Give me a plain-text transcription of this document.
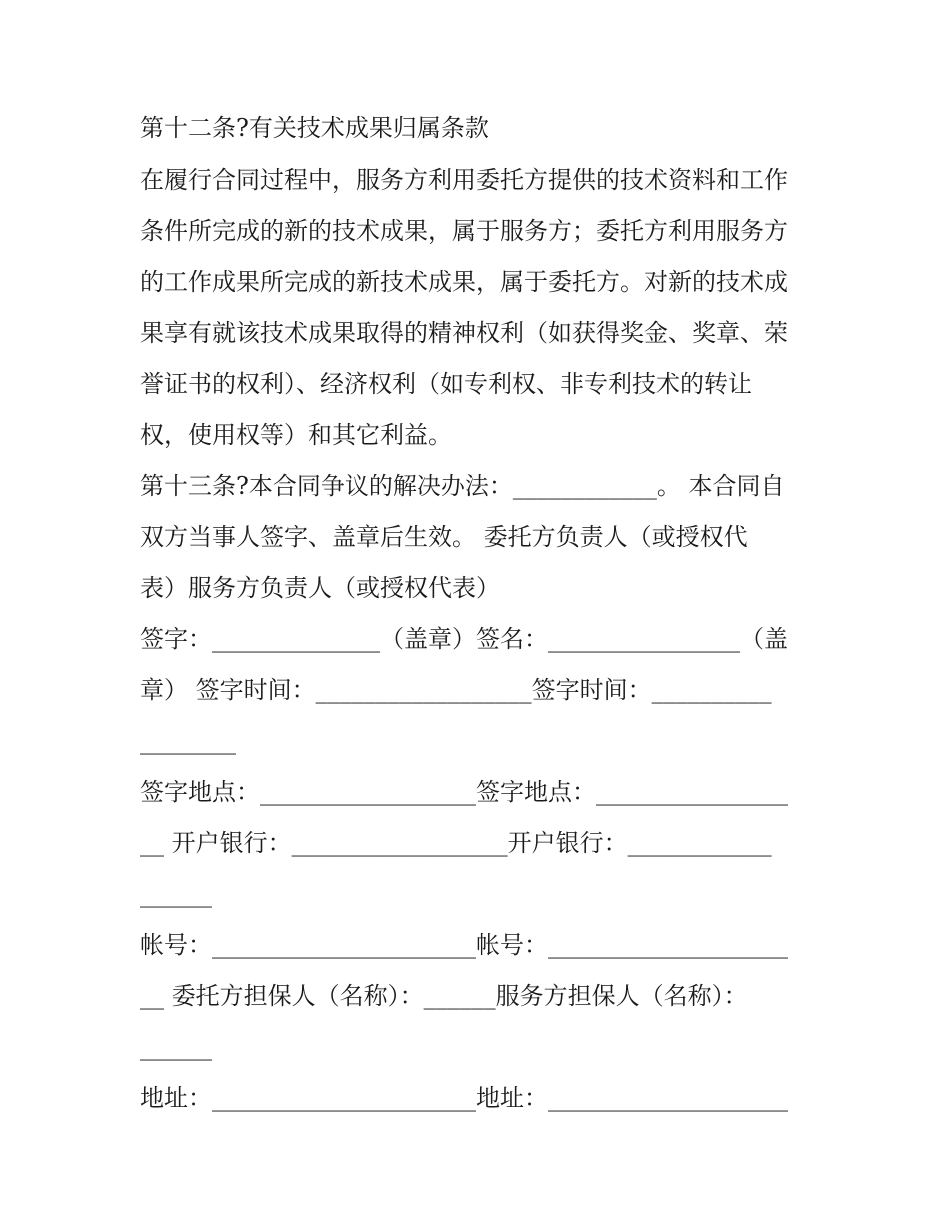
第十二条?有关技术成果归属条款
在履行合同过程中，服务方利用委托方提供的技术资料和工作
条件所完成的新的技术成果，属于服务方；委托方利用服务方
的工作成果所完成的新技术成果，属于委托方。对新的技术成
果享有就该技术成果取得的精神权利（如获得奖金、奖章、荣
誉证书的权利）、经济权利（如专利权、非专利技术的转让
权，使用权等）和其它利益。
第十三条?本合同争议的解决办法：____________。 本合同自
双方当事人签字、盖章后生效。 委托方负责人（或授权代
表）服务方负责人（或授权代表）
签字：______________（盖章）签名：________________（盖
章） 签字时间：__________________签字时间：__________
________
签字地点：__________________签字地点：________________
__ 开户银行：__________________开户银行：____________
______
帐号：______________________帐号：____________________
__ 委托方担保人（名称）：______服务方担保人（名称）：
______
地址：______________________地址：____________________
